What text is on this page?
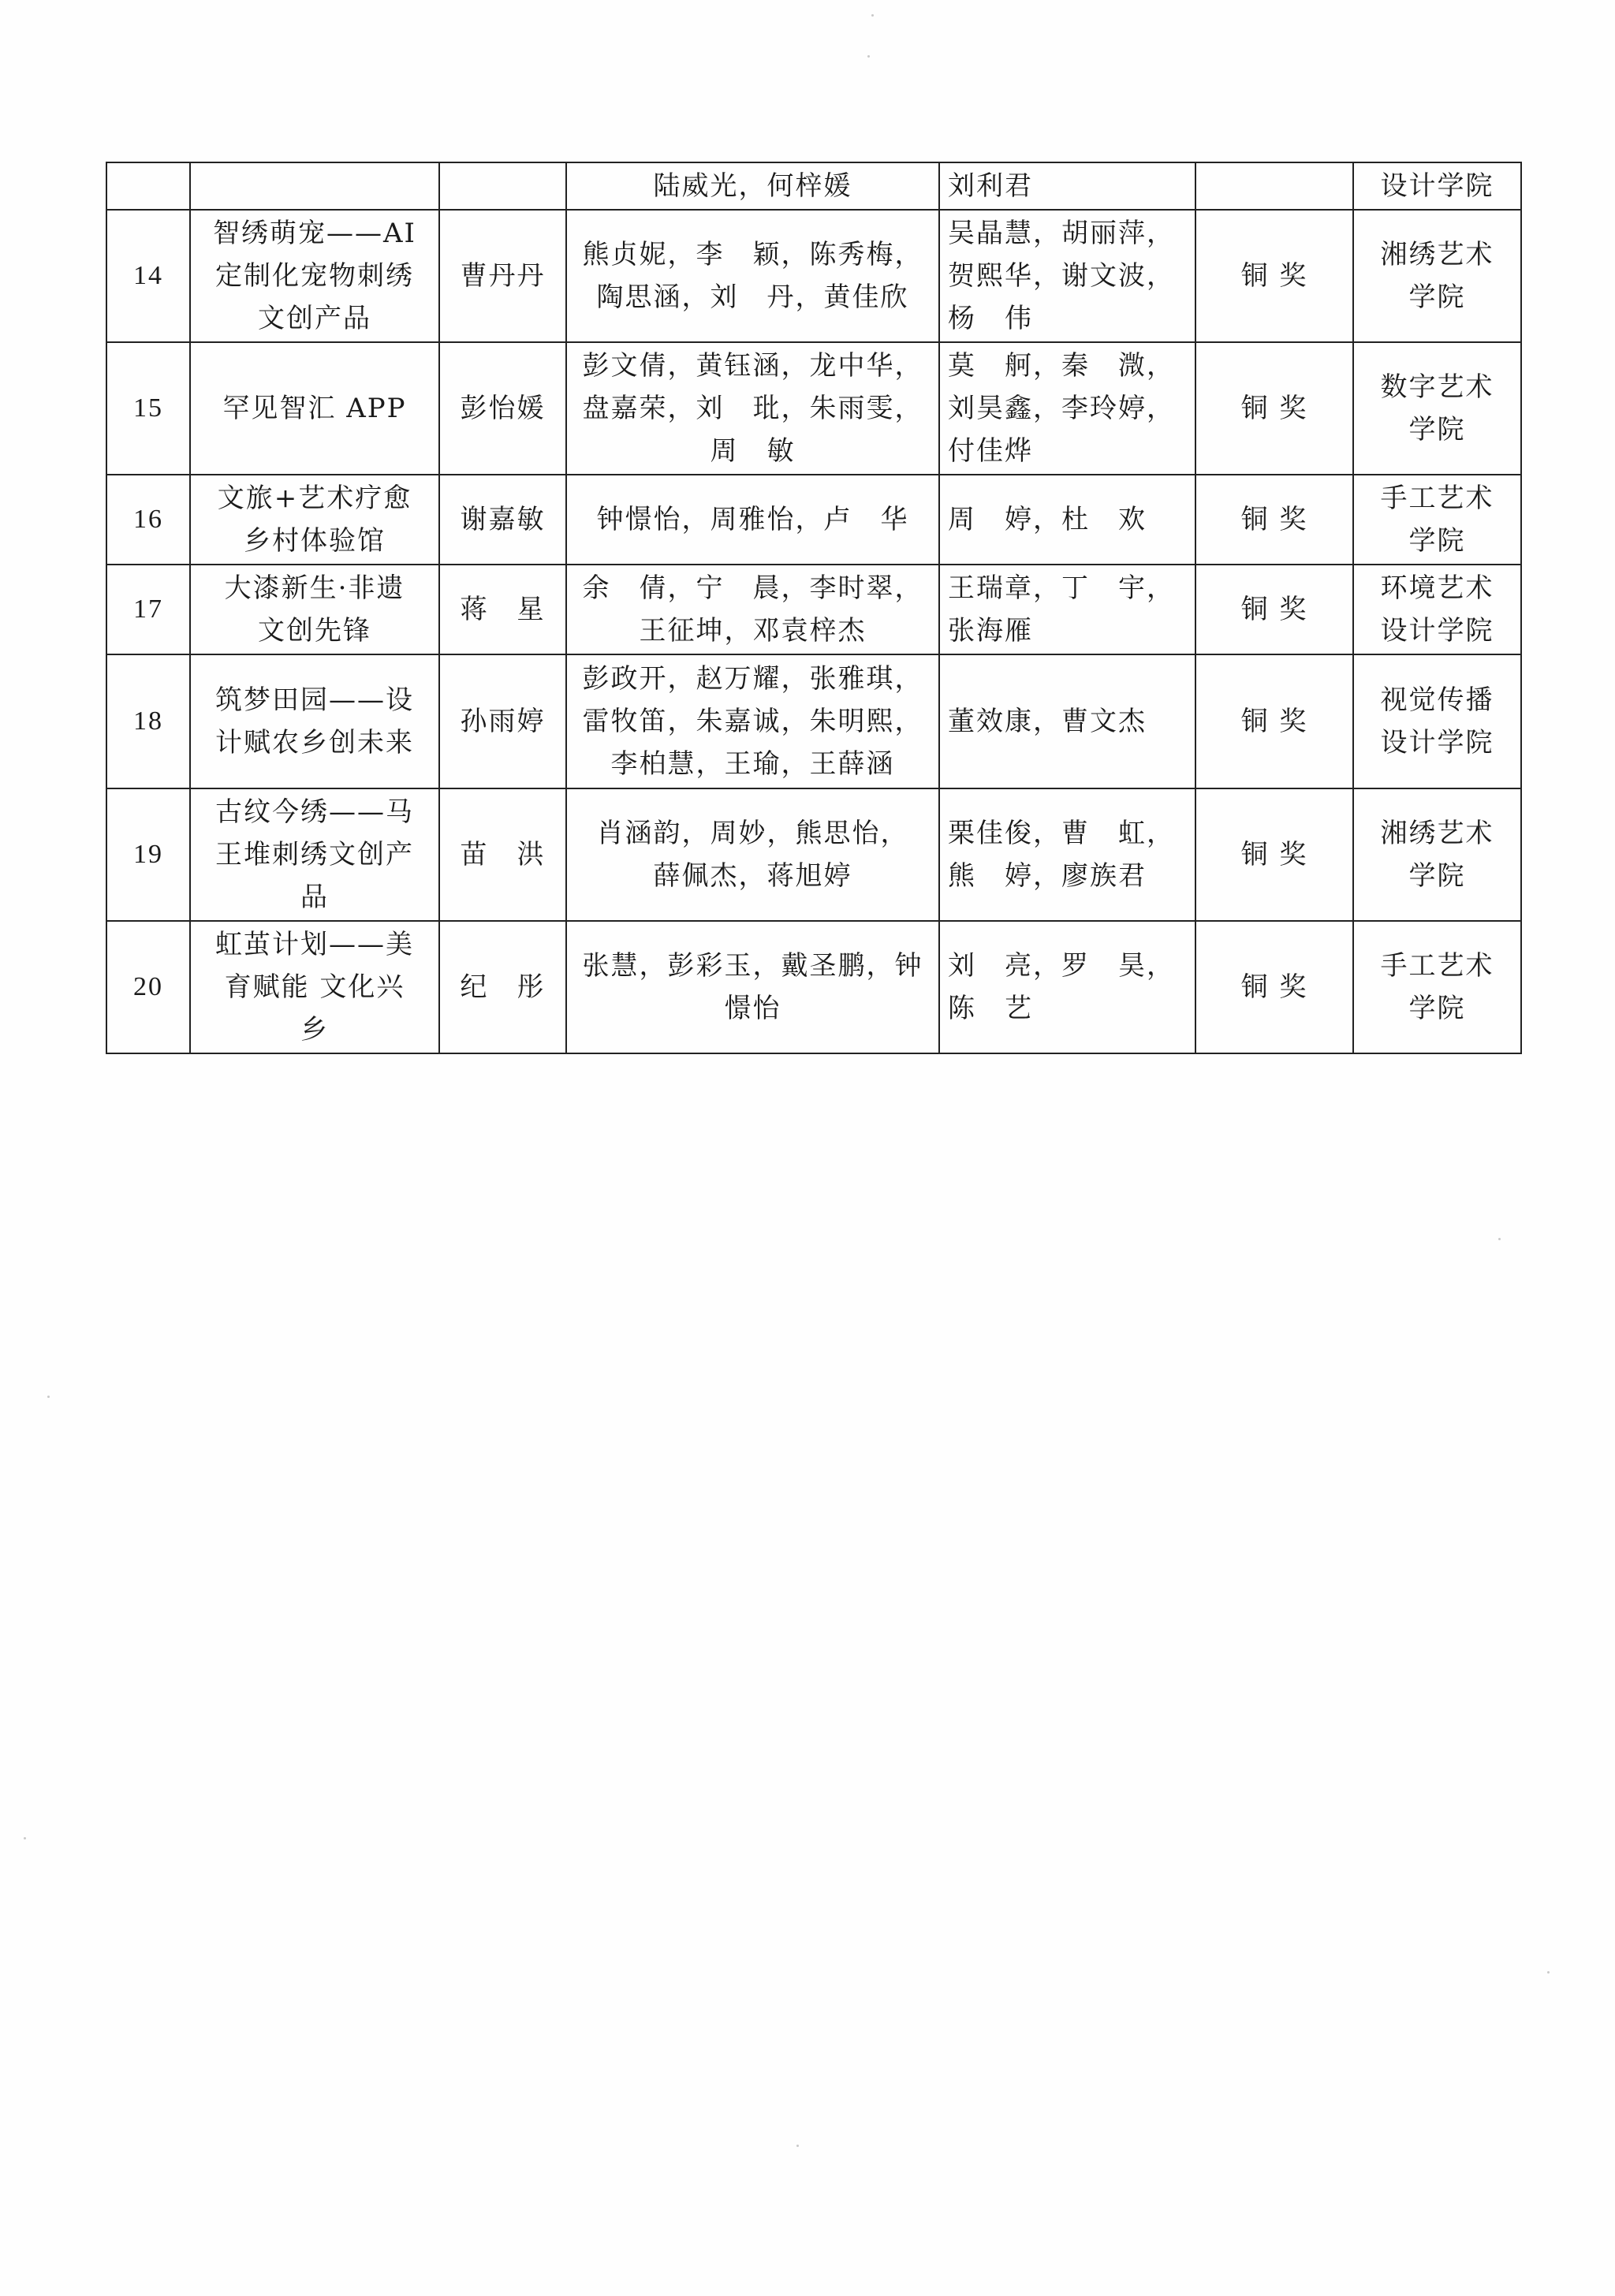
			陆威光，何梓媛	刘利君		设计学院
14	智绣萌宠——AI
定制化宠物刺绣
文创产品	曹丹丹	熊贞妮，李　颖，陈秀梅，
陶思涵，刘　丹，黄佳欣	吴晶慧，胡丽萍，
贺熙华，谢文波，
杨　伟	铜 奖	湘绣艺术
学院

15	罕见智汇 APP	彭怡媛	彭文倩，黄钰涵，龙中华，
盘嘉荣，刘　玭，朱雨雯，
周　敏	莫　舸，秦　溦，
刘昊鑫，李玲婷，
付佳烨	铜 奖	数字艺术
学院

16	文旅+艺术疗愈
乡村体验馆	谢嘉敏	钟憬怡，周雅怡，卢　华	周　婷，杜　欢	铜 奖	手工艺术
学院

17	大漆新生·非遗
文创先锋	蒋　星	余　倩，宁　晨，李时翠，
王征坤，邓袁梓杰	王瑞章，丁　宇，
张海雁	铜 奖	环境艺术
设计学院

18	筑梦田园——设
计赋农乡创未来	孙雨婷	彭政开，赵万耀，张雅琪，
雷牧笛，朱嘉诚，朱明熙，
李柏慧，王瑜，王薛涵	董效康，曹文杰	铜 奖	视觉传播
设计学院

19	古纹今绣——马
王堆刺绣文创产
品	苗　洪	肖涵韵，周妙，熊思怡，
薛佩杰，蒋旭婷	栗佳俊，曹　虹，
熊　婷，廖族君	铜 奖	湘绣艺术
学院

20	虹茧计划——美
育赋能 文化兴
乡	纪　彤	张慧，彭彩玉，戴圣鹏，钟
憬怡	刘　亮，罗　昊，
陈　艺	铜 奖	手工艺术
学院
